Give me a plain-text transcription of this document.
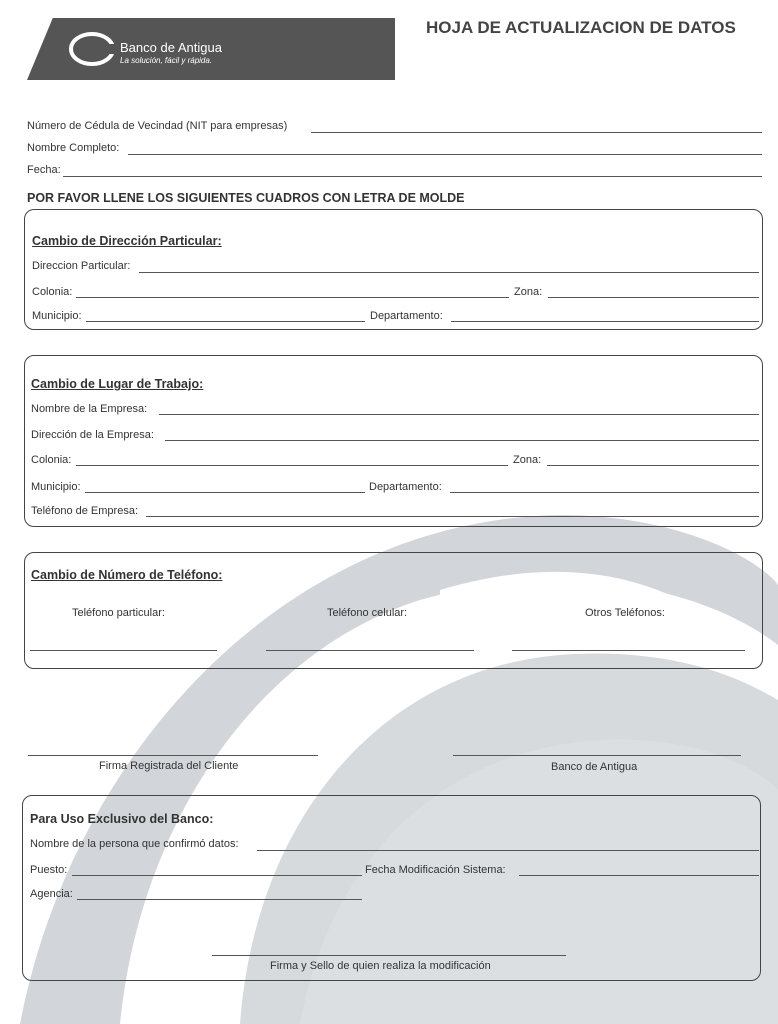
Banco de Antigua
La solución, fácil y rápida.
HOJA DE ACTUALIZACION DE DATOS
Número de Cédula de Vecindad (NIT para empresas)
Nombre Completo:
Fecha:
POR FAVOR LLENE LOS SIGUIENTES CUADROS CON LETRA DE MOLDE
Cambio de Dirección Particular:
Direccion Particular:
Colonia:	Zona:
Municipio:	Departamento:
Cambio de Lugar de Trabajo:
Nombre de la Empresa:
Dirección de la Empresa:
Colonia:	Zona:
Municipio:	Departamento:
Teléfono de Empresa:
Cambio de Número de Teléfono:
Teléfono particular:	Teléfono celular:	Otros Teléfonos:
Firma Registrada del Cliente	Banco de Antigua
Para Uso Exclusivo del Banco:
Nombre de la persona que confirmó datos:
Puesto:	Fecha Modificación Sistema:
Agencia:
Firma y Sello de quien realiza la modificación
